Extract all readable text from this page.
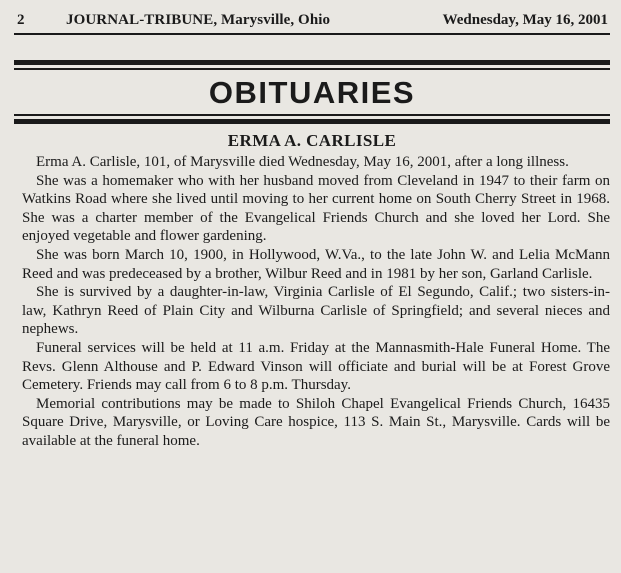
2	JOURNAL-TRIBUNE, Marysville, Ohio	Wednesday, May 16, 2001
OBITUARIES
ERMA A. CARLISLE

Erma A. Carlisle, 101, of Marysville died Wednesday, May 16, 2001, after a long illness.

She was a homemaker who with her husband moved from Cleveland in 1947 to their farm on Watkins Road where she lived until moving to her current home on South Cherry Street in 1968. She was a charter member of the Evangelical Friends Church and she loved her Lord. She enjoyed vegetable and flower gardening.

She was born March 10, 1900, in Hollywood, W.Va., to the late John W. and Lelia McMann Reed and was predeceased by a brother, Wilbur Reed and in 1981 by her son, Garland Carlisle.

She is survived by a daughter-in-law, Virginia Carlisle of El Segundo, Calif.; two sisters-in-law, Kathryn Reed of Plain City and Wilburna Carlisle of Springfield; and several nieces and nephews.

Funeral services will be held at 11 a.m. Friday at the Mannasmith-Hale Funeral Home. The Revs. Glenn Althouse and P. Edward Vinson will officiate and burial will be at Forest Grove Cemetery. Friends may call from 6 to 8 p.m. Thursday.

Memorial contributions may be made to Shiloh Chapel Evangelical Friends Church, 16435 Square Drive, Marysville, or Loving Care hospice, 113 S. Main St., Marysville. Cards will be available at the funeral home.
